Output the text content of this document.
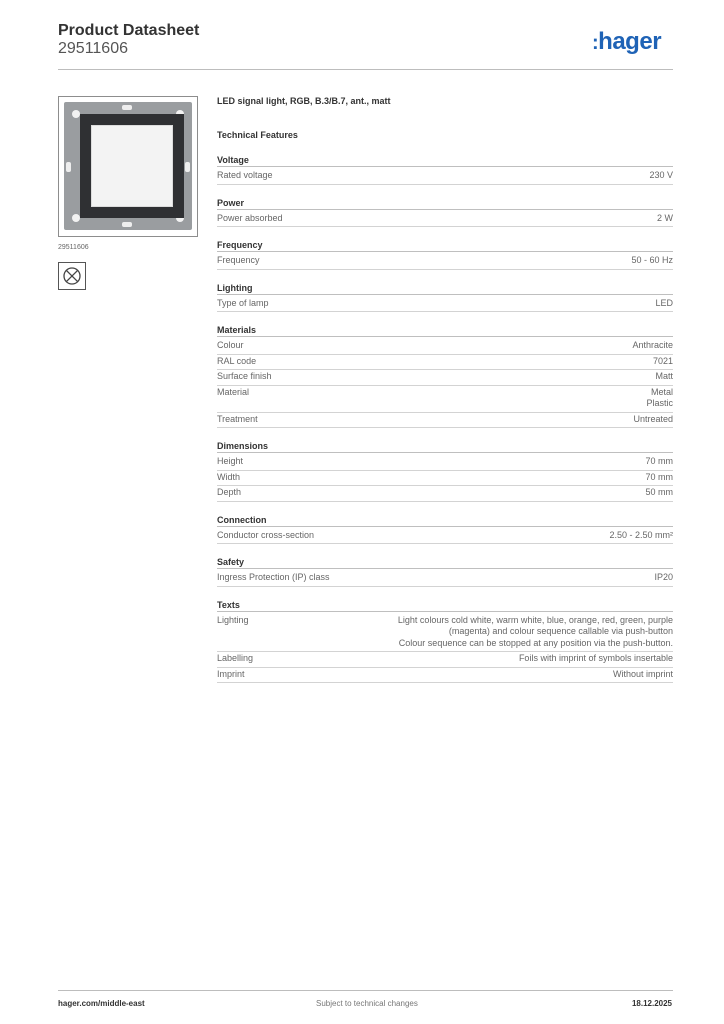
Product Datasheet
29511606	:hager
29511606
LED signal light, RGB, B.3/B.7, ant., matt
Technical Features
Voltage
Rated voltage	230 V
Power
Power absorbed	2 W
Frequency
Frequency	50 - 60 Hz
Lighting
Type of lamp	LED
Materials
Colour	Anthracite
RAL code	7021
Surface finish	Matt
Material	Metal
Plastic
Treatment	Untreated
Dimensions
Height	70 mm
Width	70 mm
Depth	50 mm
Connection
Conductor cross-section	2.50 - 2.50 mm²
Safety
Ingress Protection (IP) class	IP20
Texts
Lighting	Light colours cold white, warm white, blue, orange, red, green, purple
(magenta) and colour sequence callable via push-button
Colour sequence can be stopped at any position via the push-button.
Labelling	Foils with imprint of symbols insertable
Imprint	Without imprint
hager.com/middle-east	Subject to technical changes	18.12.2025
